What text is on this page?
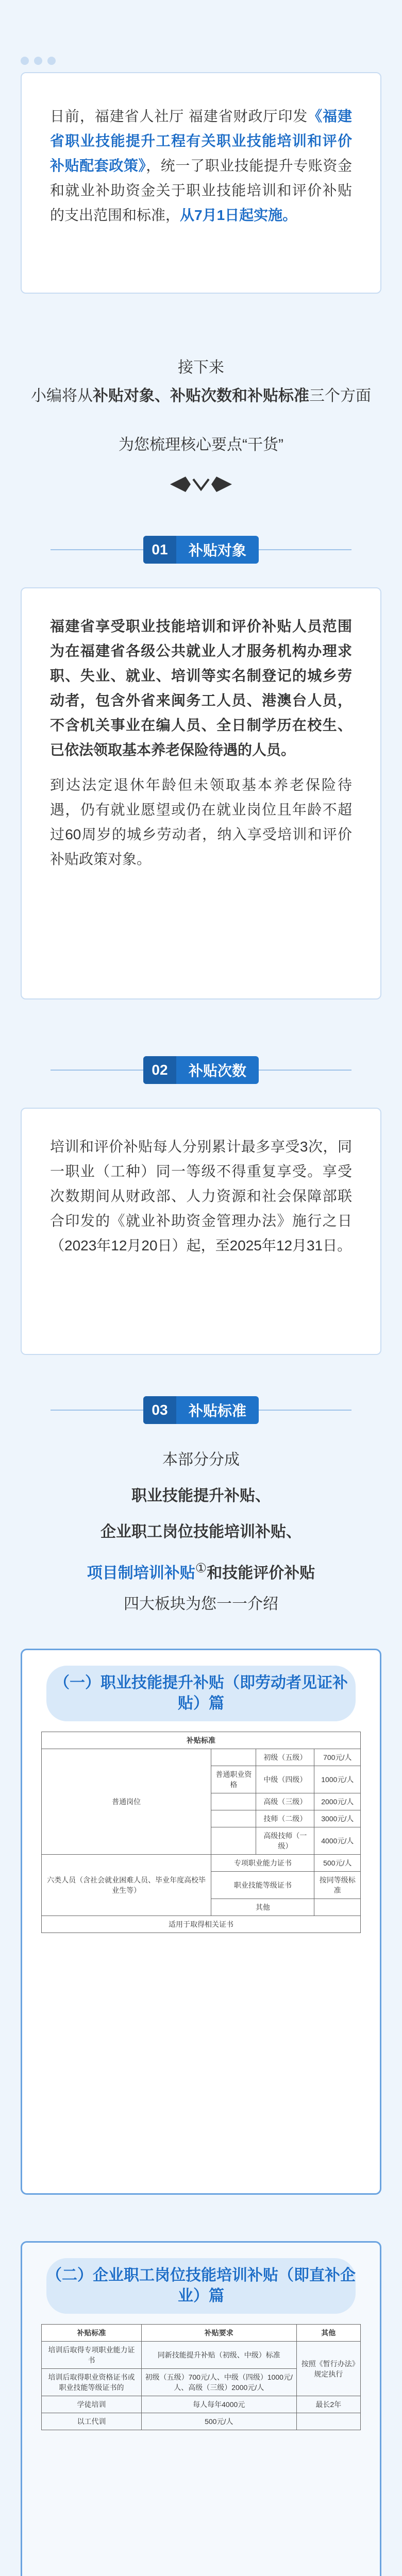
日前，福建省人社厅 福建省财政厅印发《福建省职业技能提升工程有关职业技能培训和评价补贴配套政策》，统一了职业技能提升专账资金和就业补助资金关于职业技能培训和评价补贴的支出范围和标准，从7月1日起实施。

接下来
小编将从补贴对象、补贴次数和补贴标准三个方面
为您梳理核心要点“干货”
01	补贴对象

福建省享受职业技能培训和评价补贴人员范围为在福建省各级公共就业人才服务机构办理求职、失业、就业、培训等实名制登记的城乡劳动者，包含外省来闽务工人员、港澳台人员，不含机关事业在编人员、全日制学历在校生、已依法领取基本养老保险待遇的人员。

到达法定退休年龄但未领取基本养老保险待遇，仍有就业愿望或仍在就业岗位且年龄不超过60周岁的城乡劳动者，纳入享受培训和评价补贴政策对象。

02	补贴次数

培训和评价补贴每人分别累计最多享受3次，同一职业（工种）同一等级不得重复享受。享受次数期间从财政部、人力资源和社会保障部联合印发的《就业补助资金管理办法》施行之日（2023年12月20日）起，至2025年12月31日。

03	补贴标准
本部分分成
职业技能提升补贴、
企业职工岗位技能培训补贴、
项目制培训补贴①和技能评价补贴
四大板块为您一一介绍
（一）职业技能提升补贴（即劳动者见证补贴）篇
补贴标准			
普通岗位		初级（五级）	700元/人
	普通职业资格	中级（四级）	1000元/人
		高级（三级）	2000元/人
		技师（二级）	3000元/人
		高级技师（一级）	4000元/人
六类人员（含社会就业困难人员、毕业年度高校毕业生等）	专项职业能力证书		500元/人
	职业技能等级证书		按同等级标准
	其他		
适用于取得相关证书			
（二）企业职工岗位技能培训补贴（即直补企业）篇
补贴标准	补贴要求	其他
培训后取得专项职业能力证书	同新技能提升补贴（初级、中级）标准	按照《暂行办法》规定执行
培训后取得职业资格证书或职业技能等级证书的	初级（五级）700元/人、中级（四级）1000元/人、高级（三级）2000元/人	
学徒培训	每人每年4000元	最长2年
以工代训	500元/人	
